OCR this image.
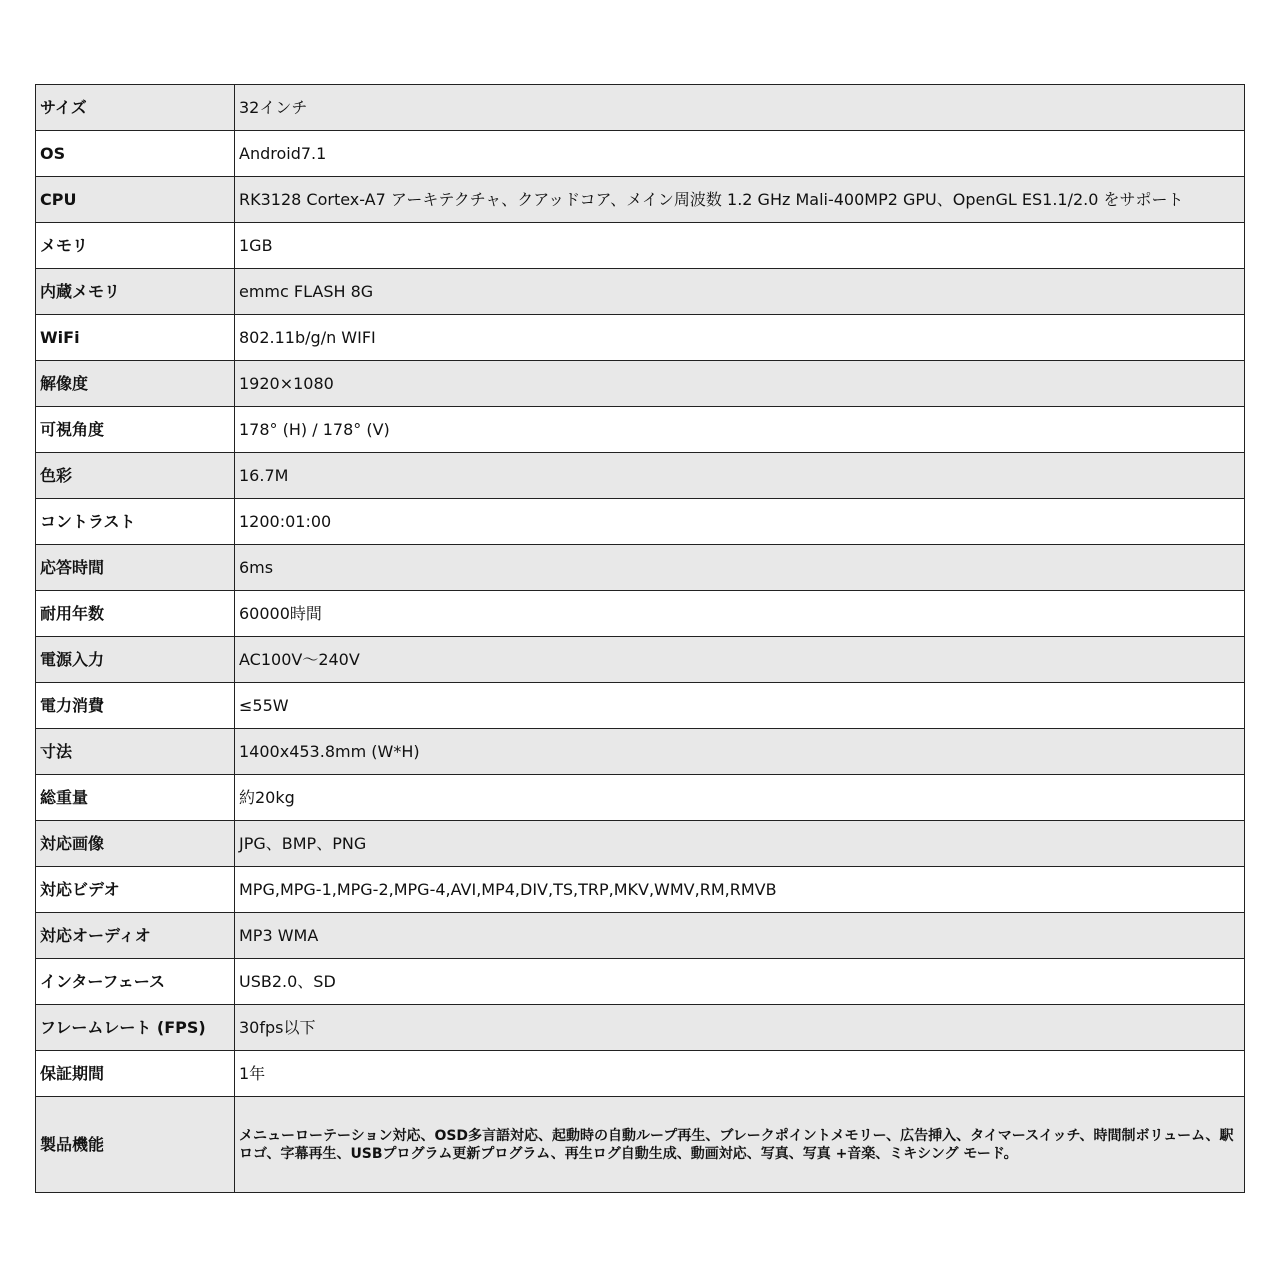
サイズ	32インチ
OS	Android7.1
CPU	RK3128 Cortex-A7 アーキテクチャ、クアッドコア、メイン周波数 1.2 GHz Mali-400MP2 GPU、OpenGL ES1.1/2.0 をサポート
メモリ	1GB
内蔵メモリ	emmc FLASH 8G
WiFi	802.11b/g/n WIFI
解像度	1920×1080
可視角度	178° (H) / 178° (V)
色彩	16.7M
コントラスト	1200:01:00
応答時間	6ms
耐用年数	60000時間
電源入力	AC100V～240V
電力消費	≤55W
寸法	1400x453.8mm (W*H)
総重量	約20kg
対応画像	JPG、BMP、PNG
対応ビデオ	MPG,MPG-1,MPG-2,MPG-4,AVI,MP4,DIV,TS,TRP,MKV,WMV,RM,RMVB
対応オーディオ	MP3 WMA
インターフェース	USB2.0、SD
フレームレート (FPS)	30fps以下
保証期間	1年
製品機能	メニューローテーション対応、OSD多言語対応、起動時の自動ループ再生、ブレークポイントメモリー、広告挿入、タイマースイッチ、時間制ボリューム、駅ロゴ、字幕再生、USBプログラム更新プログラム、再生ログ自動生成、動画対応、写真、写真 +音楽、ミキシング モード。
